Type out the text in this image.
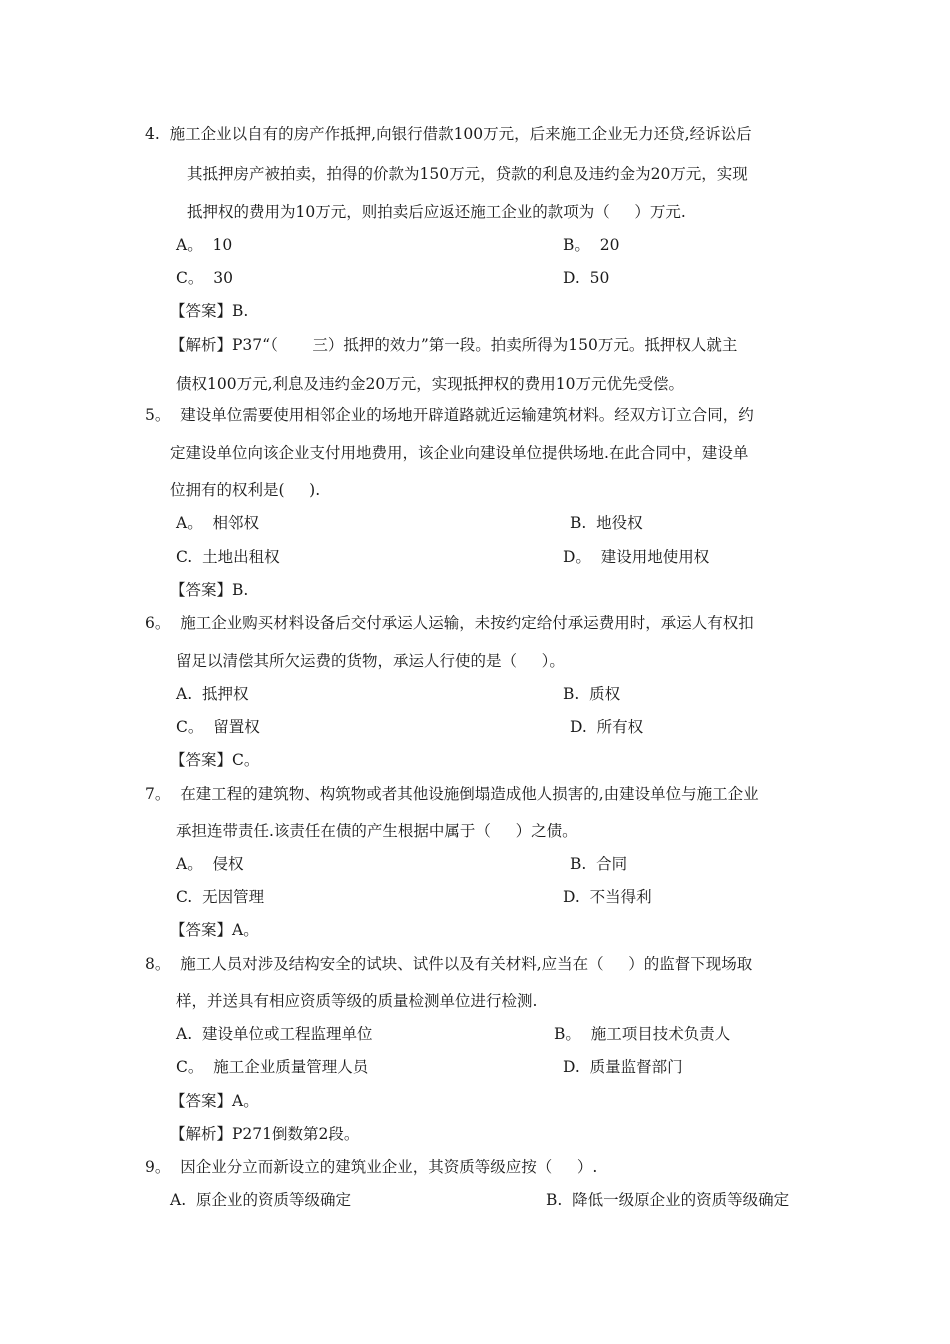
4.  施工企业以自有的房产作抵押,向银行借款100万元，后来施工企业无力还贷,经诉讼后
其抵押房产被拍卖，拍得的价款为150万元，贷款的利息及违约金为20万元，实现
抵押权的费用为10万元，则拍卖后应返还施工企业的款项为（     ）万元.
A。  10	B。  20
C。  30	D.  50
【答案】B.
【解析】P37“（       三）抵押的效力”第一段。拍卖所得为150万元。抵押权人就主
债权100万元,利息及违约金20万元，实现抵押权的费用10万元优先受偿。
5。  建设单位需要使用相邻企业的场地开辟道路就近运输建筑材料。经双方订立合同，约
定建设单位向该企业支付用地费用，该企业向建设单位提供场地.在此合同中，建设单
位拥有的权利是(     ).
A。  相邻权	B.  地役权
C.  土地出租权	D。  建设用地使用权
【答案】B.
6。  施工企业购买材料设备后交付承运人运输，未按约定给付承运费用时，承运人有权扣
留足以清偿其所欠运费的货物，承运人行使的是（     ）。
A.  抵押权	B.  质权
C。  留置权	D.  所有权
【答案】C。
7。  在建工程的建筑物、构筑物或者其他设施倒塌造成他人损害的,由建设单位与施工企业
承担连带责任.该责任在债的产生根据中属于（     ）之债。
A。  侵权	B.  合同
C.  无因管理	D.  不当得利
【答案】A。
8。  施工人员对涉及结构安全的试块、试件以及有关材料,应当在（     ）的监督下现场取
样，并送具有相应资质等级的质量检测单位进行检测.
A.  建设单位或工程监理单位	B。  施工项目技术负责人
C。  施工企业质量管理人员	D.  质量监督部门
【答案】A。
【解析】P271倒数第2段。
9。  因企业分立而新设立的建筑业企业，其资质等级应按（     ）.
A.  原企业的资质等级确定	B.  降低一级原企业的资质等级确定
